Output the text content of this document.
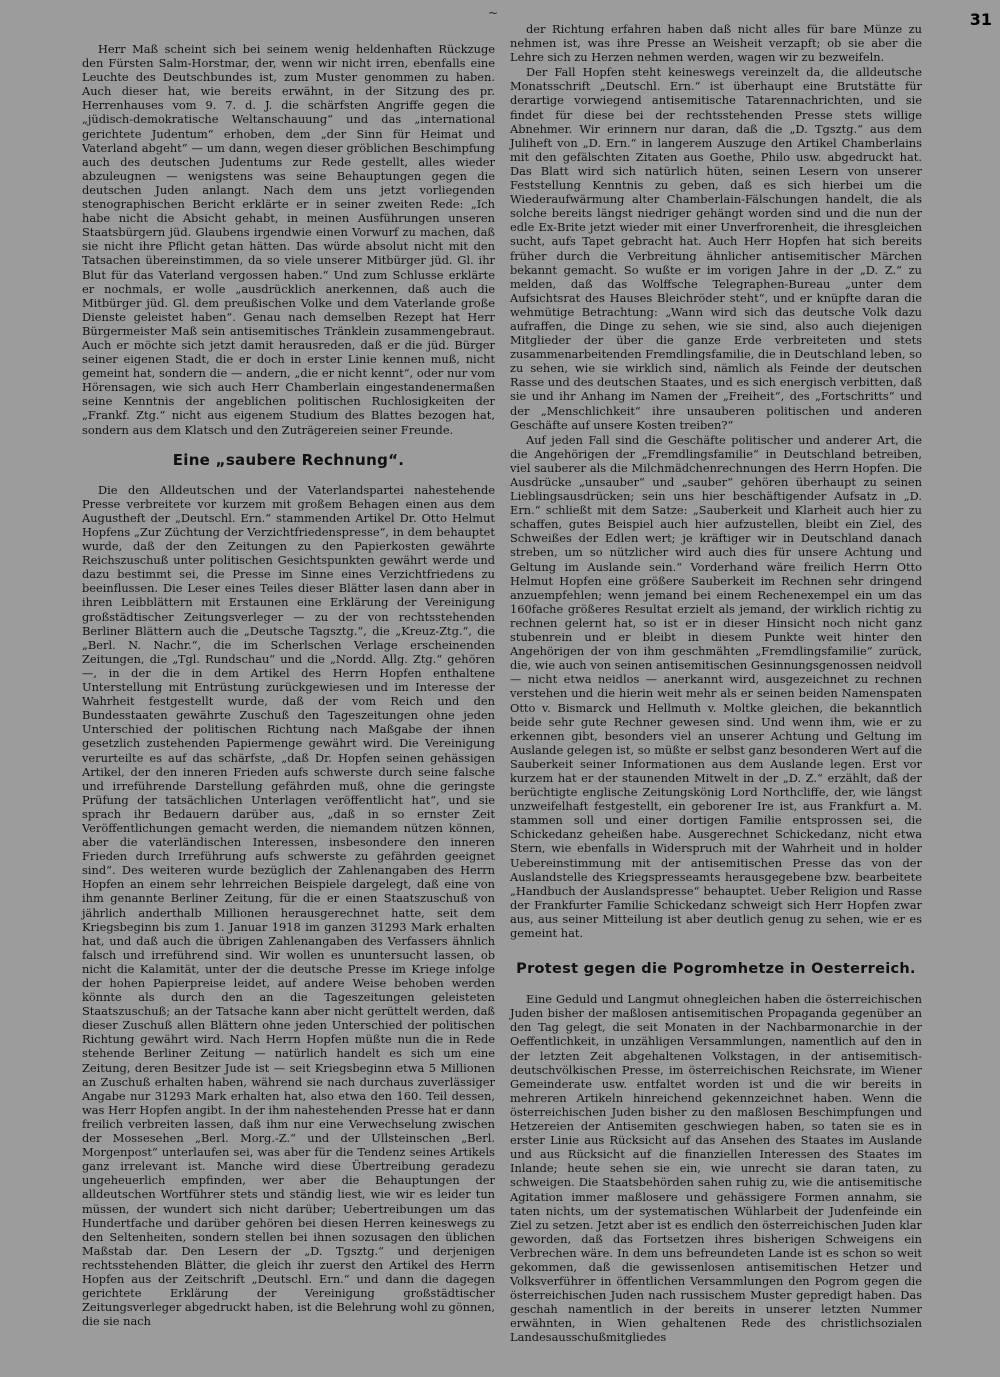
~	31

Herr Maß scheint sich bei seinem wenig heldenhaften Rückzuge den Fürsten Salm-Horstmar, der, wenn wir nicht irren, ebenfalls eine Leuchte des Deutschbundes ist, zum Muster genommen zu haben. Auch dieser hat, wie bereits erwähnt, in der Sitzung des pr. Herrenhauses vom 9. 7. d. J. die schärfsten Angriffe gegen die „jüdisch-demokratische Weltanschauung“ und das „international gerichtete Judentum“ erhoben, dem „der Sinn für Heimat und Vaterland abgeht“ — um dann, wegen dieser gröblichen Beschimpfung auch des deutschen Judentums zur Rede gestellt, alles wieder abzuleugnen — wenigstens was seine Behauptungen gegen die deutschen Juden anlangt. Nach dem uns jetzt vorliegenden stenographischen Bericht erklärte er in seiner zweiten Rede: „Ich habe nicht die Absicht gehabt, in meinen Ausführungen unseren Staatsbürgern jüd. Glaubens irgendwie einen Vorwurf zu machen, daß sie nicht ihre Pflicht getan hätten. Das würde absolut nicht mit den Tatsachen übereinstimmen, da so viele unserer Mitbürger jüd. Gl. ihr Blut für das Vaterland vergossen haben.“ Und zum Schlusse erklärte er nochmals, er wolle „ausdrücklich anerkennen, daß auch die Mitbürger jüd. Gl. dem preußischen Volke und dem Vaterlande große Dienste geleistet haben“. Genau nach demselben Rezept hat Herr Bürgermeister Maß sein antisemitisches Tränklein zusammengebraut. Auch er möchte sich jetzt damit herausreden, daß er die jüd. Bürger seiner eigenen Stadt, die er doch in erster Linie kennen muß, nicht gemeint hat, sondern die — andern, „die er nicht kennt“, oder nur vom Hörensagen, wie sich auch Herr Chamberlain eingestandenermaßen seine Kenntnis der angeblichen politischen Ruchlosigkeiten der „Frankf. Ztg.“ nicht aus eigenem Studium des Blattes bezogen hat, sondern aus dem Klatsch und den Zuträgereien seiner Freunde.

Eine „saubere Rechnung“.

Die den Alldeutschen und der Vaterlandspartei nahestehende Presse verbreitete vor kurzem mit großem Behagen einen aus dem Augustheft der „Deutschl. Ern.“ stammenden Artikel Dr. Otto Helmut Hopfens „Zur Züchtung der Verzichtfriedenspresse“, in dem behauptet wurde, daß der den Zeitungen zu den Papierkosten gewährte Reichszuschuß unter politischen Gesichtspunkten gewährt werde und dazu bestimmt sei, die Presse im Sinne eines Verzichtfriedens zu beeinflussen. Die Leser eines Teiles dieser Blätter lasen dann aber in ihren Leibblättern mit Erstaunen eine Erklärung der Vereinigung großstädtischer Zeitungsverleger — zu der von rechtsstehenden Berliner Blättern auch die „Deutsche Tagsztg.“, die „Kreuz-Ztg.“, die „Berl. N. Nachr.“, die im Scherlschen Verlage erscheinenden Zeitungen, die „Tgl. Rundschau“ und die „Nordd. Allg. Ztg.“ gehören —, in der die in dem Artikel des Herrn Hopfen enthaltene Unterstellung mit Entrüstung zurückgewiesen und im Interesse der Wahrheit festgestellt wurde, daß der vom Reich und den Bundesstaaten gewährte Zuschuß den Tageszeitungen ohne jeden Unterschied der politischen Richtung nach Maßgabe der ihnen gesetzlich zustehenden Papiermenge gewährt wird. Die Vereinigung verurteilte es auf das schärfste, „daß Dr. Hopfen seinen gehässigen Artikel, der den inneren Frieden aufs schwerste durch seine falsche und irreführende Darstellung gefährden muß, ohne die geringste Prüfung der tatsächlichen Unterlagen veröffentlicht hat“, und sie sprach ihr Bedauern darüber aus, „daß in so ernster Zeit Veröffentlichungen gemacht werden, die niemandem nützen können, aber die vaterländischen Interessen, insbesondere den inneren Frieden durch Irreführung aufs schwerste zu gefährden geeignet sind“. Des weiteren wurde bezüglich der Zahlenangaben des Herrn Hopfen an einem sehr lehrreichen Beispiele dargelegt, daß eine von ihm genannte Berliner Zeitung, für die er einen Staatszuschuß von jährlich anderthalb Millionen herausgerechnet hatte, seit dem Kriegsbeginn bis zum 1. Januar 1918 im ganzen 31293 Mark erhalten hat, und daß auch die übrigen Zahlenangaben des Verfassers ähnlich falsch und irreführend sind. Wir wollen es ununtersucht lassen, ob nicht die Kalamität, unter der die deutsche Presse im Kriege infolge der hohen Papierpreise leidet, auf andere Weise behoben werden könnte als durch den an die Tageszeitungen geleisteten Staatszuschuß; an der Tatsache kann aber nicht gerüttelt werden, daß dieser Zuschuß allen Blättern ohne jeden Unterschied der politischen Richtung gewährt wird. Nach Herrn Hopfen müßte nun die in Rede stehende Berliner Zeitung — natürlich handelt es sich um eine Zeitung, deren Besitzer Jude ist — seit Kriegsbeginn etwa 5 Millionen an Zuschuß erhalten haben, während sie nach durchaus zuverlässiger Angabe nur 31293 Mark erhalten hat, also etwa den 160. Teil dessen, was Herr Hopfen angibt. In der ihm nahestehenden Presse hat er dann freilich verbreiten lassen, daß ihm nur eine Verwechselung zwischen der Mossesehen „Berl. Morg.-Z.“ und der Ullsteinschen „Berl. Morgenpost“ unterlaufen sei, was aber für die Tendenz seines Artikels ganz irrelevant ist. Manche wird diese Übertreibung geradezu ungeheuerlich empfinden, wer aber die Behauptungen der alldeutschen Wortführer stets und ständig liest, wie wir es leider tun müssen, der wundert sich nicht darüber; Uebertreibungen um das Hundertfache und darüber gehören bei diesen Herren keineswegs zu den Seltenheiten, sondern stellen bei ihnen sozusagen den üblichen Maßstab dar. Den Lesern der „D. Tgsztg.“ und derjenigen rechtsstehenden Blätter, die gleich ihr zuerst den Artikel des Herrn Hopfen aus der Zeitschrift „Deutschl. Ern.“ und dann die dagegen gerichtete Erklärung der Vereinigung großstädtischer Zeitungsverleger abgedruckt haben, ist die Belehrung wohl zu gönnen, die sie nach

der Richtung erfahren haben daß nicht alles für bare Münze zu nehmen ist, was ihre Presse an Weisheit verzapft; ob sie aber die Lehre sich zu Herzen nehmen werden, wagen wir zu bezweifeln.

Der Fall Hopfen steht keineswegs vereinzelt da, die alldeutsche Monatsschrift „Deutschl. Ern.“ ist überhaupt eine Brutstätte für derartige vorwiegend antisemitische Tatarennachrichten, und sie findet für diese bei der rechtsstehenden Presse stets willige Abnehmer. Wir erinnern nur daran, daß die „D. Tgsztg.“ aus dem Juliheft von „D. Ern.“ in langerem Auszuge den Artikel Chamberlains mit den gefälschten Zitaten aus Goethe, Philo usw. abgedruckt hat. Das Blatt wird sich natürlich hüten, seinen Lesern von unserer Feststellung Kenntnis zu geben, daß es sich hierbei um die Wiederaufwärmung alter Chamberlain-Fälschungen handelt, die als solche bereits längst niedriger gehängt worden sind und die nun der edle Ex-Brite jetzt wieder mit einer Unverfrorenheit, die ihresgleichen sucht, aufs Tapet gebracht hat. Auch Herr Hopfen hat sich bereits früher durch die Verbreitung ähnlicher antisemitischer Märchen bekannt gemacht. So wußte er im vorigen Jahre in der „D. Z.“ zu melden, daß das Wolffsche Telegraphen-Bureau „unter dem Aufsichtsrat des Hauses Bleichröder steht“, und er knüpfte daran die wehmütige Betrachtung: „Wann wird sich das deutsche Volk dazu aufraffen, die Dinge zu sehen, wie sie sind, also auch diejenigen Mitglieder der über die ganze Erde verbreiteten und stets zusammenarbeitenden Fremdlingsfamilie, die in Deutschland leben, so zu sehen, wie sie wirklich sind, nämlich als Feinde der deutschen Rasse und des deutschen Staates, und es sich energisch verbitten, daß sie und ihr Anhang im Namen der „Freiheit“, des „Fortschritts“ und der „Menschlichkeit“ ihre unsauberen politischen und anderen Geschäfte auf unsere Kosten treiben?“

Auf jeden Fall sind die Geschäfte politischer und anderer Art, die die Angehörigen der „Fremdlingsfamilie“ in Deutschland betreiben, viel sauberer als die Milchmädchenrechnungen des Herrn Hopfen. Die Ausdrücke „unsauber“ und „sauber“ gehören überhaupt zu seinen Lieblingsausdrücken; sein uns hier beschäftigender Aufsatz in „D. Ern.“ schließt mit dem Satze: „Sauberkeit und Klarheit auch hier zu schaffen, gutes Beispiel auch hier aufzustellen, bleibt ein Ziel, des Schweißes der Edlen wert; je kräftiger wir in Deutschland danach streben, um so nützlicher wird auch dies für unsere Achtung und Geltung im Auslande sein.“ Vorderhand wäre freilich Herrn Otto Helmut Hopfen eine größere Sauberkeit im Rechnen sehr dringend anzuempfehlen; wenn jemand bei einem Rechenexempel ein um das 160fache größeres Resultat erzielt als jemand, der wirklich richtig zu rechnen gelernt hat, so ist er in dieser Hinsicht noch nicht ganz stubenrein und er bleibt in diesem Punkte weit hinter den Angehörigen der von ihm geschmähten „Fremdlingsfamilie“ zurück, die, wie auch von seinen antisemitischen Gesinnungsgenossen neidvoll — nicht etwa neidlos — anerkannt wird, ausgezeichnet zu rechnen verstehen und die hierin weit mehr als er seinen beiden Namenspaten Otto v. Bismarck und Hellmuth v. Moltke gleichen, die bekanntlich beide sehr gute Rechner gewesen sind. Und wenn ihm, wie er zu erkennen gibt, besonders viel an unserer Achtung und Geltung im Auslande gelegen ist, so müßte er selbst ganz besonderen Wert auf die Sauberkeit seiner Informationen aus dem Auslande legen. Erst vor kurzem hat er der staunenden Mitwelt in der „D. Z.“ erzählt, daß der berüchtigte englische Zeitungskönig Lord Northcliffe, der, wie längst unzweifelhaft festgestellt, ein geborener Ire ist, aus Frankfurt a. M. stammen soll und einer dortigen Familie entsprossen sei, die Schickedanz geheißen habe. Ausgerechnet Schickedanz, nicht etwa Stern, wie ebenfalls in Widerspruch mit der Wahrheit und in holder Uebereinstimmung mit der antisemitischen Presse das von der Auslandstelle des Kriegspresseamts herausgegebene bzw. bearbeitete „Handbuch der Auslandspresse“ behauptet. Ueber Religion und Rasse der Frankfurter Familie Schickedanz schweigt sich Herr Hopfen zwar aus, aus seiner Mitteilung ist aber deutlich genug zu sehen, wie er es gemeint hat.

Protest gegen die Pogromhetze in Oesterreich.

Eine Geduld und Langmut ohnegleichen haben die österreichischen Juden bisher der maßlosen antisemitischen Propaganda gegenüber an den Tag gelegt, die seit Monaten in der Nachbarmonarchie in der Oeffentlichkeit, in unzähligen Versammlungen, namentlich auf den in der letzten Zeit abgehaltenen Volkstagen, in der antisemitisch-deutschvölkischen Presse, im österreichischen Reichsrate, im Wiener Gemeinderate usw. entfaltet worden ist und die wir bereits in mehreren Artikeln hinreichend gekennzeichnet haben. Wenn die österreichischen Juden bisher zu den maßlosen Beschimpfungen und Hetzereien der Antisemiten geschwiegen haben, so taten sie es in erster Linie aus Rücksicht auf das Ansehen des Staates im Auslande und aus Rücksicht auf die finanziellen Interessen des Staates im Inlande; heute sehen sie ein, wie unrecht sie daran taten, zu schweigen. Die Staatsbehörden sahen ruhig zu, wie die antisemitische Agitation immer maßlosere und gehässigere Formen annahm, sie taten nichts, um der systematischen Wühlarbeit der Judenfeinde ein Ziel zu setzen. Jetzt aber ist es endlich den österreichischen Juden klar geworden, daß das Fortsetzen ihres bisherigen Schweigens ein Verbrechen wäre. In dem uns befreundeten Lande ist es schon so weit gekommen, daß die gewissenlosen antisemitischen Hetzer und Volksverführer in öffentlichen Versammlungen den Pogrom gegen die österreichischen Juden nach russischem Muster gepredigt haben. Das geschah namentlich in der bereits in unserer letzten Nummer erwähnten, in Wien gehaltenen Rede des christlichsozialen Landesausschußmitgliedes
